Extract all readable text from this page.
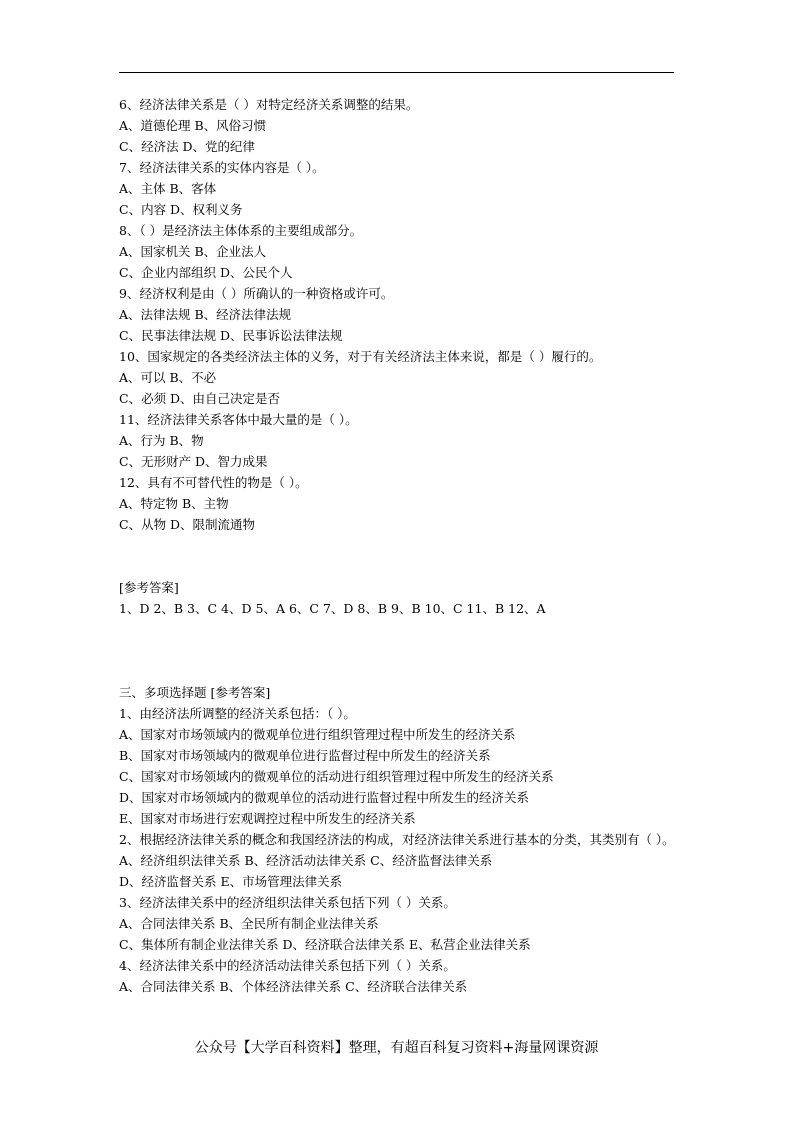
6、经济法律关系是（ ）对特定经济关系调整的结果。
A、道德伦理 B、风俗习惯
C、经济法 D、党的纪律
7、经济法律关系的实体内容是（ ）。
A、主体 B、客体
C、内容 D、权利义务
8、（ ）是经济法主体体系的主要组成部分。
A、国家机关 B、企业法人
C、企业内部组织 D、公民个人
9、经济权利是由（ ）所确认的一种资格或许可。
A、法律法规 B、经济法律法规
C、民事法律法规 D、民事诉讼法律法规
10、国家规定的各类经济法主体的义务，对于有关经济法主体来说，都是（ ）履行的。
A、可以 B、不必
C、必须 D、由自己决定是否
11、经济法律关系客体中最大量的是（ ）。
A、行为 B、物
C、无形财产 D、智力成果
12、具有不可替代性的物是（ ）。
A、特定物 B、主物
C、从物 D、限制流通物
[参考答案]
1、D 2、B 3、C 4、D 5、A 6、C 7、D 8、B 9、B 10、C 11、B 12、A
三、多项选择题 [参考答案]
1、由经济法所调整的经济关系包括：（ ）。
A、国家对市场领域内的微观单位进行组织管理过程中所发生的经济关系
B、国家对市场领域内的微观单位进行监督过程中所发生的经济关系
C、国家对市场领域内的微观单位的活动进行组织管理过程中所发生的经济关系
D、国家对市场领域内的微观单位的活动进行监督过程中所发生的经济关系
E、国家对市场进行宏观调控过程中所发生的经济关系
2、根据经济法律关系的概念和我国经济法的构成，对经济法律关系进行基本的分类，其类别有（ ）。
A、经济组织法律关系 B、经济活动法律关系 C、经济监督法律关系
D、经济监督关系 E、市场管理法律关系
3、经济法律关系中的经济组织法律关系包括下列（ ）关系。
A、合同法律关系 B、全民所有制企业法律关系
C、集体所有制企业法律关系 D、经济联合法律关系 E、私营企业法律关系
4、经济法律关系中的经济活动法律关系包括下列（ ）关系。
A、合同法律关系 B、个体经济法律关系 C、经济联合法律关系
公众号【大学百科资料】整理，有超百科复习资料+海量网课资源
